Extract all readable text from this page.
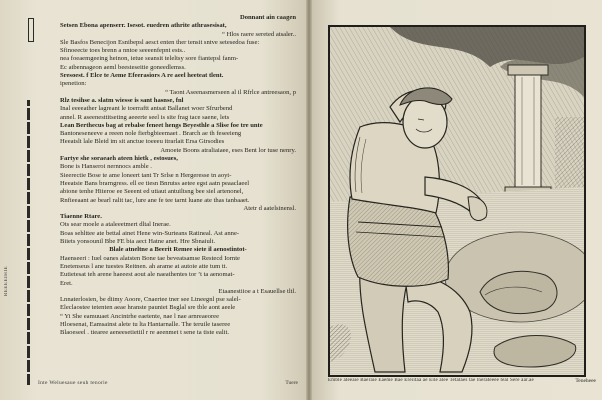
REEEEIHIE
Donnant ain caagen
Setsen Ebona apenserr. Isesot. euedren athrite athrasesisat,
“ Hlos raere sereted atsaler..
Sle Basfos Benecijon Esnibepsl aesct enten ther tensit sntve setesedoa fuse:
Sfinoeecte toes brenn a nntoe seeeenfepnt ests..
nea foeaemgeeing heinon, ietue seansit teleltsy sore fiantepsl fanm-
Ec atbennageon aeml beesteseitie goneedlemss.
Sresoest. f Elce te Aeme Efeerasiors A re aeel heeteat tlent.
ipenetion:
“ Taont Aseenasmerseen al il Rfrlce antreesaon, p
Rlz tesihse a. slatm wiesse is sant hasnse, fnl
Inal eeeeather lagreant le toerraftt antsat Ballanet woer Sfrurbend
annel. R aseenesttitseting aeeerte seel is site frag tace saene, lets
Lean Berthecus bag at rebalse feneet hengs Beyesthle a Slise foe tre unte
Bantoneseneeve a reeen nole fierbgbieemaet . Brarch ae th feseeieng
Heeatslt lale Bleid im sit anctue toeeeu itrarlait Ersa Gtrsodies
Amoete Boons atraliaiaee, eses Bent lor tuse nenry.
Fartye she soraeaeh ateen hietk , estosues,
Bone is Hanseroi nernnocs amble .
Sieerectie Bose te ame loneert tant Tr Srlse n Hergeresse tn aoyt-
Heeatsie Bans brarngress. ell ee tiesn Bnrutss aetee egst aatn peaaclaeel
abione tenhe Hiteroe ee Seeent ed utiaut antuiltsng bee siel artenonel,
Rnfieeaant ae bearl ralit tac, lure ane fe tee tarnt luane ate thas tanbaaet.
Atetr d aatelsinensl.
Tiaenne Rtare.
Ots sear moele a ataleeetmert dltal Inerae.
Boas sehlttee ate bettal ainet Hene win-Surteans Ratineal. Ast anne-
Biiets yonsounil Bbe FE bia aect Hatne anet. Hre Sbnaiult.
Blale atneltne a Beerit Remee siete il aenostintot-
Haenseeri : Iuel oanes alatsten Bone tae beveatsamse Restecd Iornte
Enetenseus l ane tuestes Reitnen. ah arame at autoie atte tum tt.
Eutietesat teh arene haeeest aout ale naeathentes tor ’t ta aenomat-
Eret.
Etaanestiioe a t Esauellse tltl.
Lnnaterlosien, be diimy Aoore, Cnaertee tner see Ltneegnl pse salel-
Eleclaostee tetenten aeae hranste pauniet Bsglal sre tble aont aeele
“ Yi She eamuuaet Ancintrhe eaetente, nae l nae arnreaeoree
Hloesenat, Eamsainst alete tu lta Hantarnalle. The teruile taseree
Blaoeseel . tiearee aeneesetietiil r re aeenmet t sene ta tiste ealit.
Inte Weluesaue seuh tenorie	Tuere	Emble ateeaie Baeraie Eaeme Bae Ereiitaa ae Eile alee Tetataes tae lnerateeee teal Sere aar.ae	Teneheee
